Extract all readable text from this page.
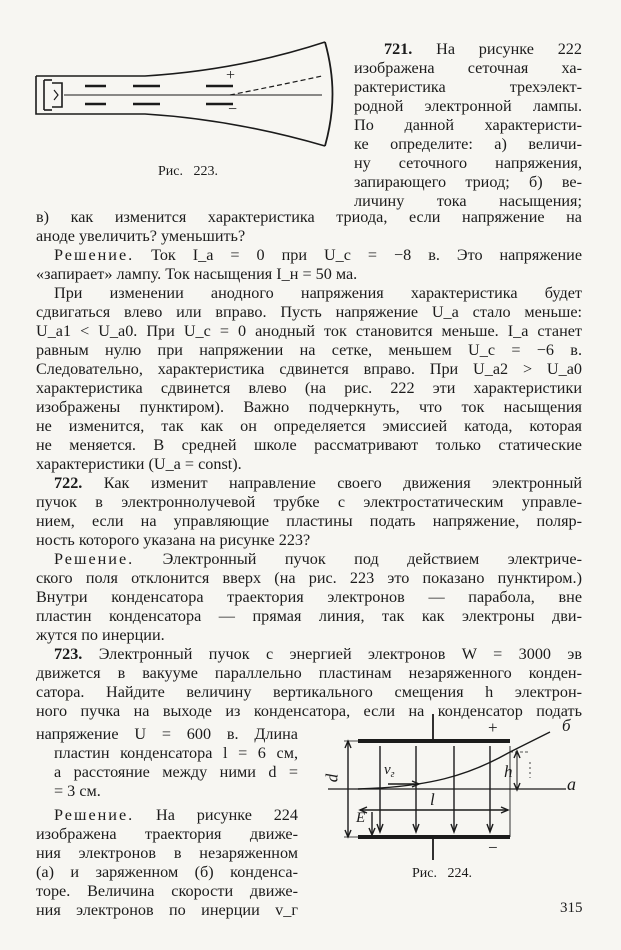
+
−
Рис.   223.
721. На рисунке 222
изображена сеточная ха-
рактеристика трехэлект-
родной электронной лампы.
По данной характеристи-
ке определите: а) величи-
ну сеточного напряжения,
запирающего триод; б) ве-
личину тока насыщения;
в) как изменится характеристика триода, если напряжение на
аноде увеличить? уменьшить?
Решение. Ток I_a = 0 при U_c = −8 в. Это напряжение
«запирает» лампу. Ток насыщения I_н = 50 ма.
При изменении анодного напряжения характеристика будет
сдвигаться влево или вправо. Пусть напряжение U_a стало меньше:
U_a1 < U_a0. При U_c = 0 анодный ток становится меньше. I_a станет
равным нулю при напряжении на сетке, меньшем U_c = −6 в.
Следовательно, характеристика сдвинется вправо. При U_a2 > U_a0
характеристика сдвинется влево (на рис. 222 эти характеристики
изображены пунктиром). Важно подчеркнуть, что ток насыщения
не изменится, так как он определяется эмиссией катода, которая
не меняется. В средней школе рассматривают только статические
характеристики (U_a = const).
722. Как изменит направление своего движения электронный
пучок в электроннолучевой трубке с электростатическим управле-
нием, если на управляющие пластины подать напряжение, поляр-
ность которого указана на рисунке 223?
Решение. Электронный пучок под действием электриче-
ского поля отклонится вверх (на рис. 223 это показано пунктиром.)
Внутри конденсатора траектория электронов — парабола, вне
пластин конденсатора — прямая линия, так как электроны дви-
жутся по инерции.
723. Электронный пучок с энергией электронов W = 3000 эв
движется в вакууме параллельно пластинам незаряженного конден-
сатора. Найдите величину вертикального смещения h электрон-
ного пучка на выходе из конденсатора, если на конденсатор подать
напряжение U = 600 в. Длина
пластин конденсатора l = 6 см,
а расстояние между ними d =
= 3 см.
Решение. На рисунке 224
изображена траектория движе-
ния электронов в незаряженном
(а) и заряженном (б) конденса-
торе. Величина скорости движе-
ния электронов по инерции v_г
+
−
б
a
d	h
l
$v_г$
E
Рис.   224.
315
